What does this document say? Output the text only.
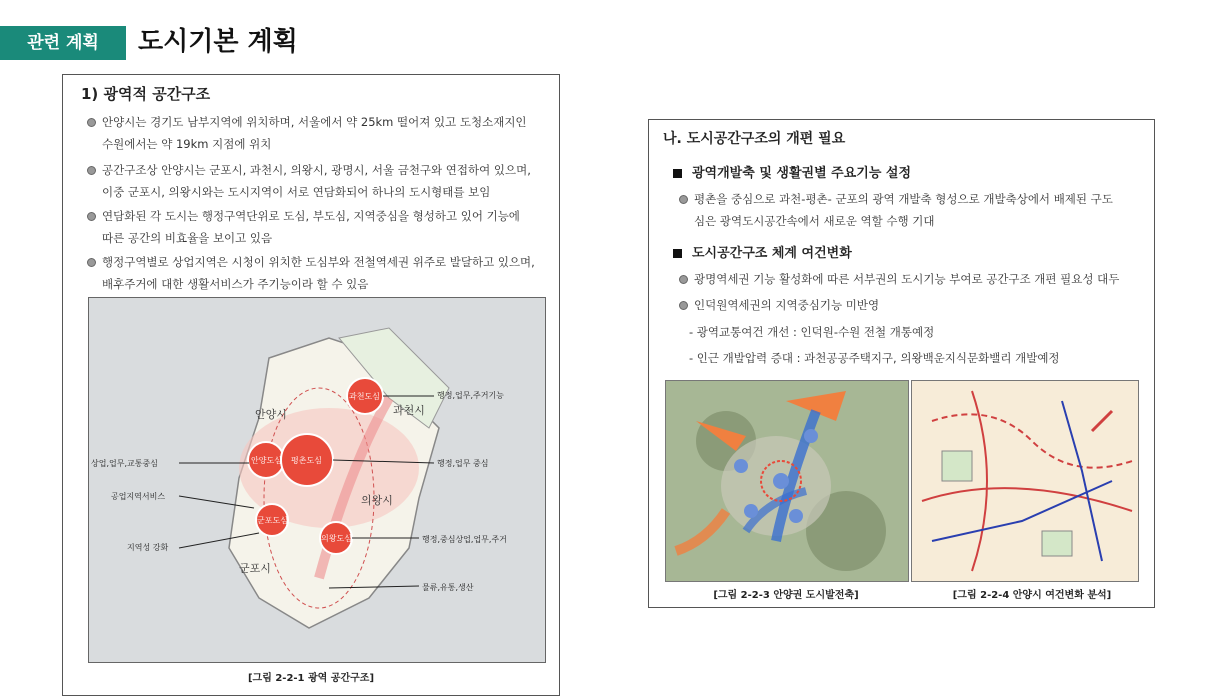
관련 계획	도시기본 계획
1) 광역적 공간구조
안양시는 경기도 남부지역에 위치하며, 서울에서 약 25km 떨어져 있고 도청소재지인
수원에서는 약 19km 지점에 위치
공간구조상 안양시는 군포시, 과천시, 의왕시, 광명시, 서울 금천구와 연접하여 있으며,
이중 군포시, 의왕시와는 도시지역이 서로 연담화되어 하나의 도시형태를 보임
연담화된 각 도시는 행정구역단위로 도심, 부도심, 지역중심을 형성하고 있어 기능에
따른 공간의 비효율을 보이고 있음
행정구역별로 상업지역은 시청이 위치한 도심부와 전철역세권 위주로 발달하고 있으며,
배후주거에 대한 생활서비스가 주기능이라 할 수 있음
안양시	과천시
의왕시
군포시
과천도심
안양도심 평촌도심
군포도심
의왕도심
행정,업무,주거기능
상업,업무,교통중심	행정,업무 중심
공업지역서비스
지역성 강화
행정,중심상업,업무,주거
물류,유통,생산
[그림 2-2-1 광역 공간구조]
나. 도시공간구조의 개편 필요
광역개발축 및 생활권별 주요기능 설정
평촌을 중심으로 과천-평촌- 군포의 광역 개발축 형성으로 개발축상에서 배제된 구도
심은 광역도시공간속에서 새로운 역할 수행 기대
도시공간구조 체계 여건변화
광명역세권 기능 활성화에 따른 서부권의 도시기능 부여로 공간구조 개편 필요성 대두
인덕원역세권의 지역중심기능 미반영
- 광역교통여건 개선 : 인덕원-수원 전철 개통예정
- 인근 개발압력 증대 : 과천공공주택지구, 의왕백운지식문화밸리 개발예정
[그림 2-2-3 안양권 도시발전축]	[그림 2-2-4 안양시 여건변화 분석]
